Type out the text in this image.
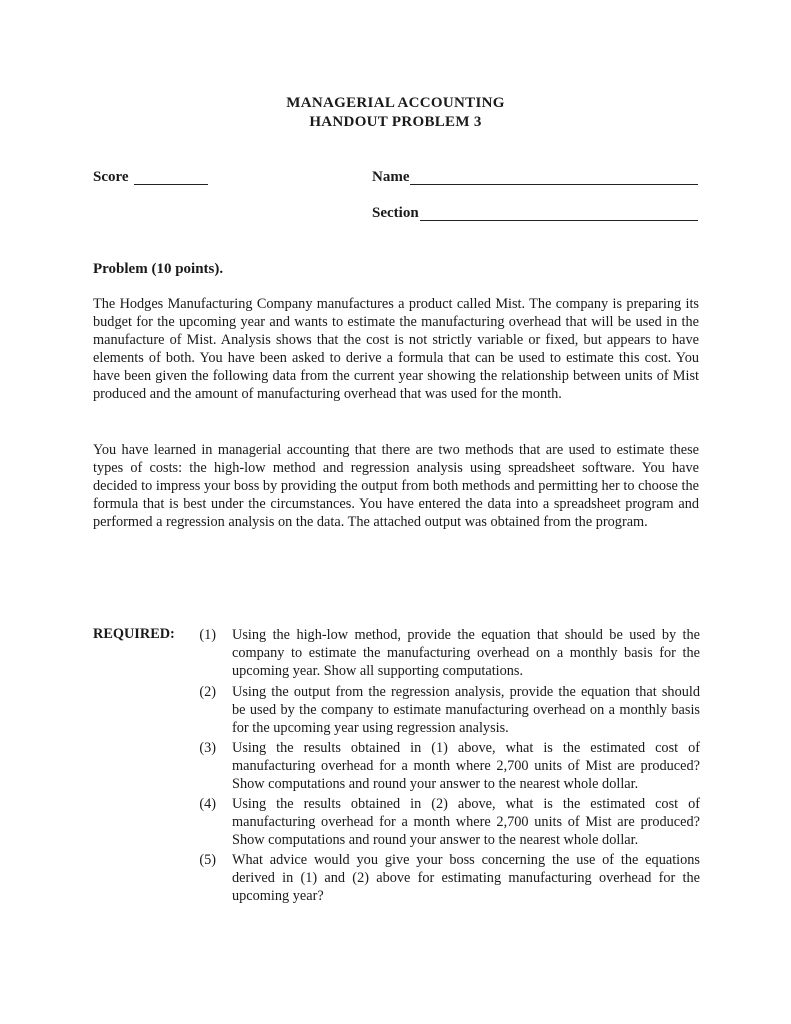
MANAGERIAL ACCOUNTING
HANDOUT PROBLEM 3
Score	Name
Section
Problem (10 points).

The Hodges Manufacturing Company manufactures a product called Mist. The company is preparing its budget for the upcoming year and wants to estimate the manufacturing overhead that will be used in the manufacture of Mist. Analysis shows that the cost is not strictly variable or fixed, but appears to have elements of both. You have been asked to derive a formula that can be used to estimate this cost. You have been given the following data from the current year showing the relationship between units of Mist produced and the amount of manufacturing overhead that was used for the month.

You have learned in managerial accounting that there are two methods that are used to estimate these types of costs: the high-low method and regression analysis using spreadsheet software. You have decided to impress your boss by providing the output from both methods and permitting her to choose the formula that is best under the circumstances. You have entered the data into a spreadsheet program and performed a regression analysis on the data. The attached output was obtained from the program.

REQUIRED:	(1) Using the high-low method, provide the equation that should be used by the company to estimate the manufacturing overhead on a monthly basis for the upcoming year. Show all supporting computations.

(2) Using the output from the regression analysis, provide the equation that should be used by the company to estimate manufacturing overhead on a monthly basis for the upcoming year using regression analysis.

(3) Using the results obtained in (1) above, what is the estimated cost of manufacturing overhead for a month where 2,700 units of Mist are produced? Show computations and round your answer to the nearest whole dollar.

(4) Using the results obtained in (2) above, what is the estimated cost of manufacturing overhead for a month where 2,700 units of Mist are produced? Show computations and round your answer to the nearest whole dollar.

(5) What advice would you give your boss concerning the use of the equations derived in (1) and (2) above for estimating manufacturing overhead for the upcoming year?
